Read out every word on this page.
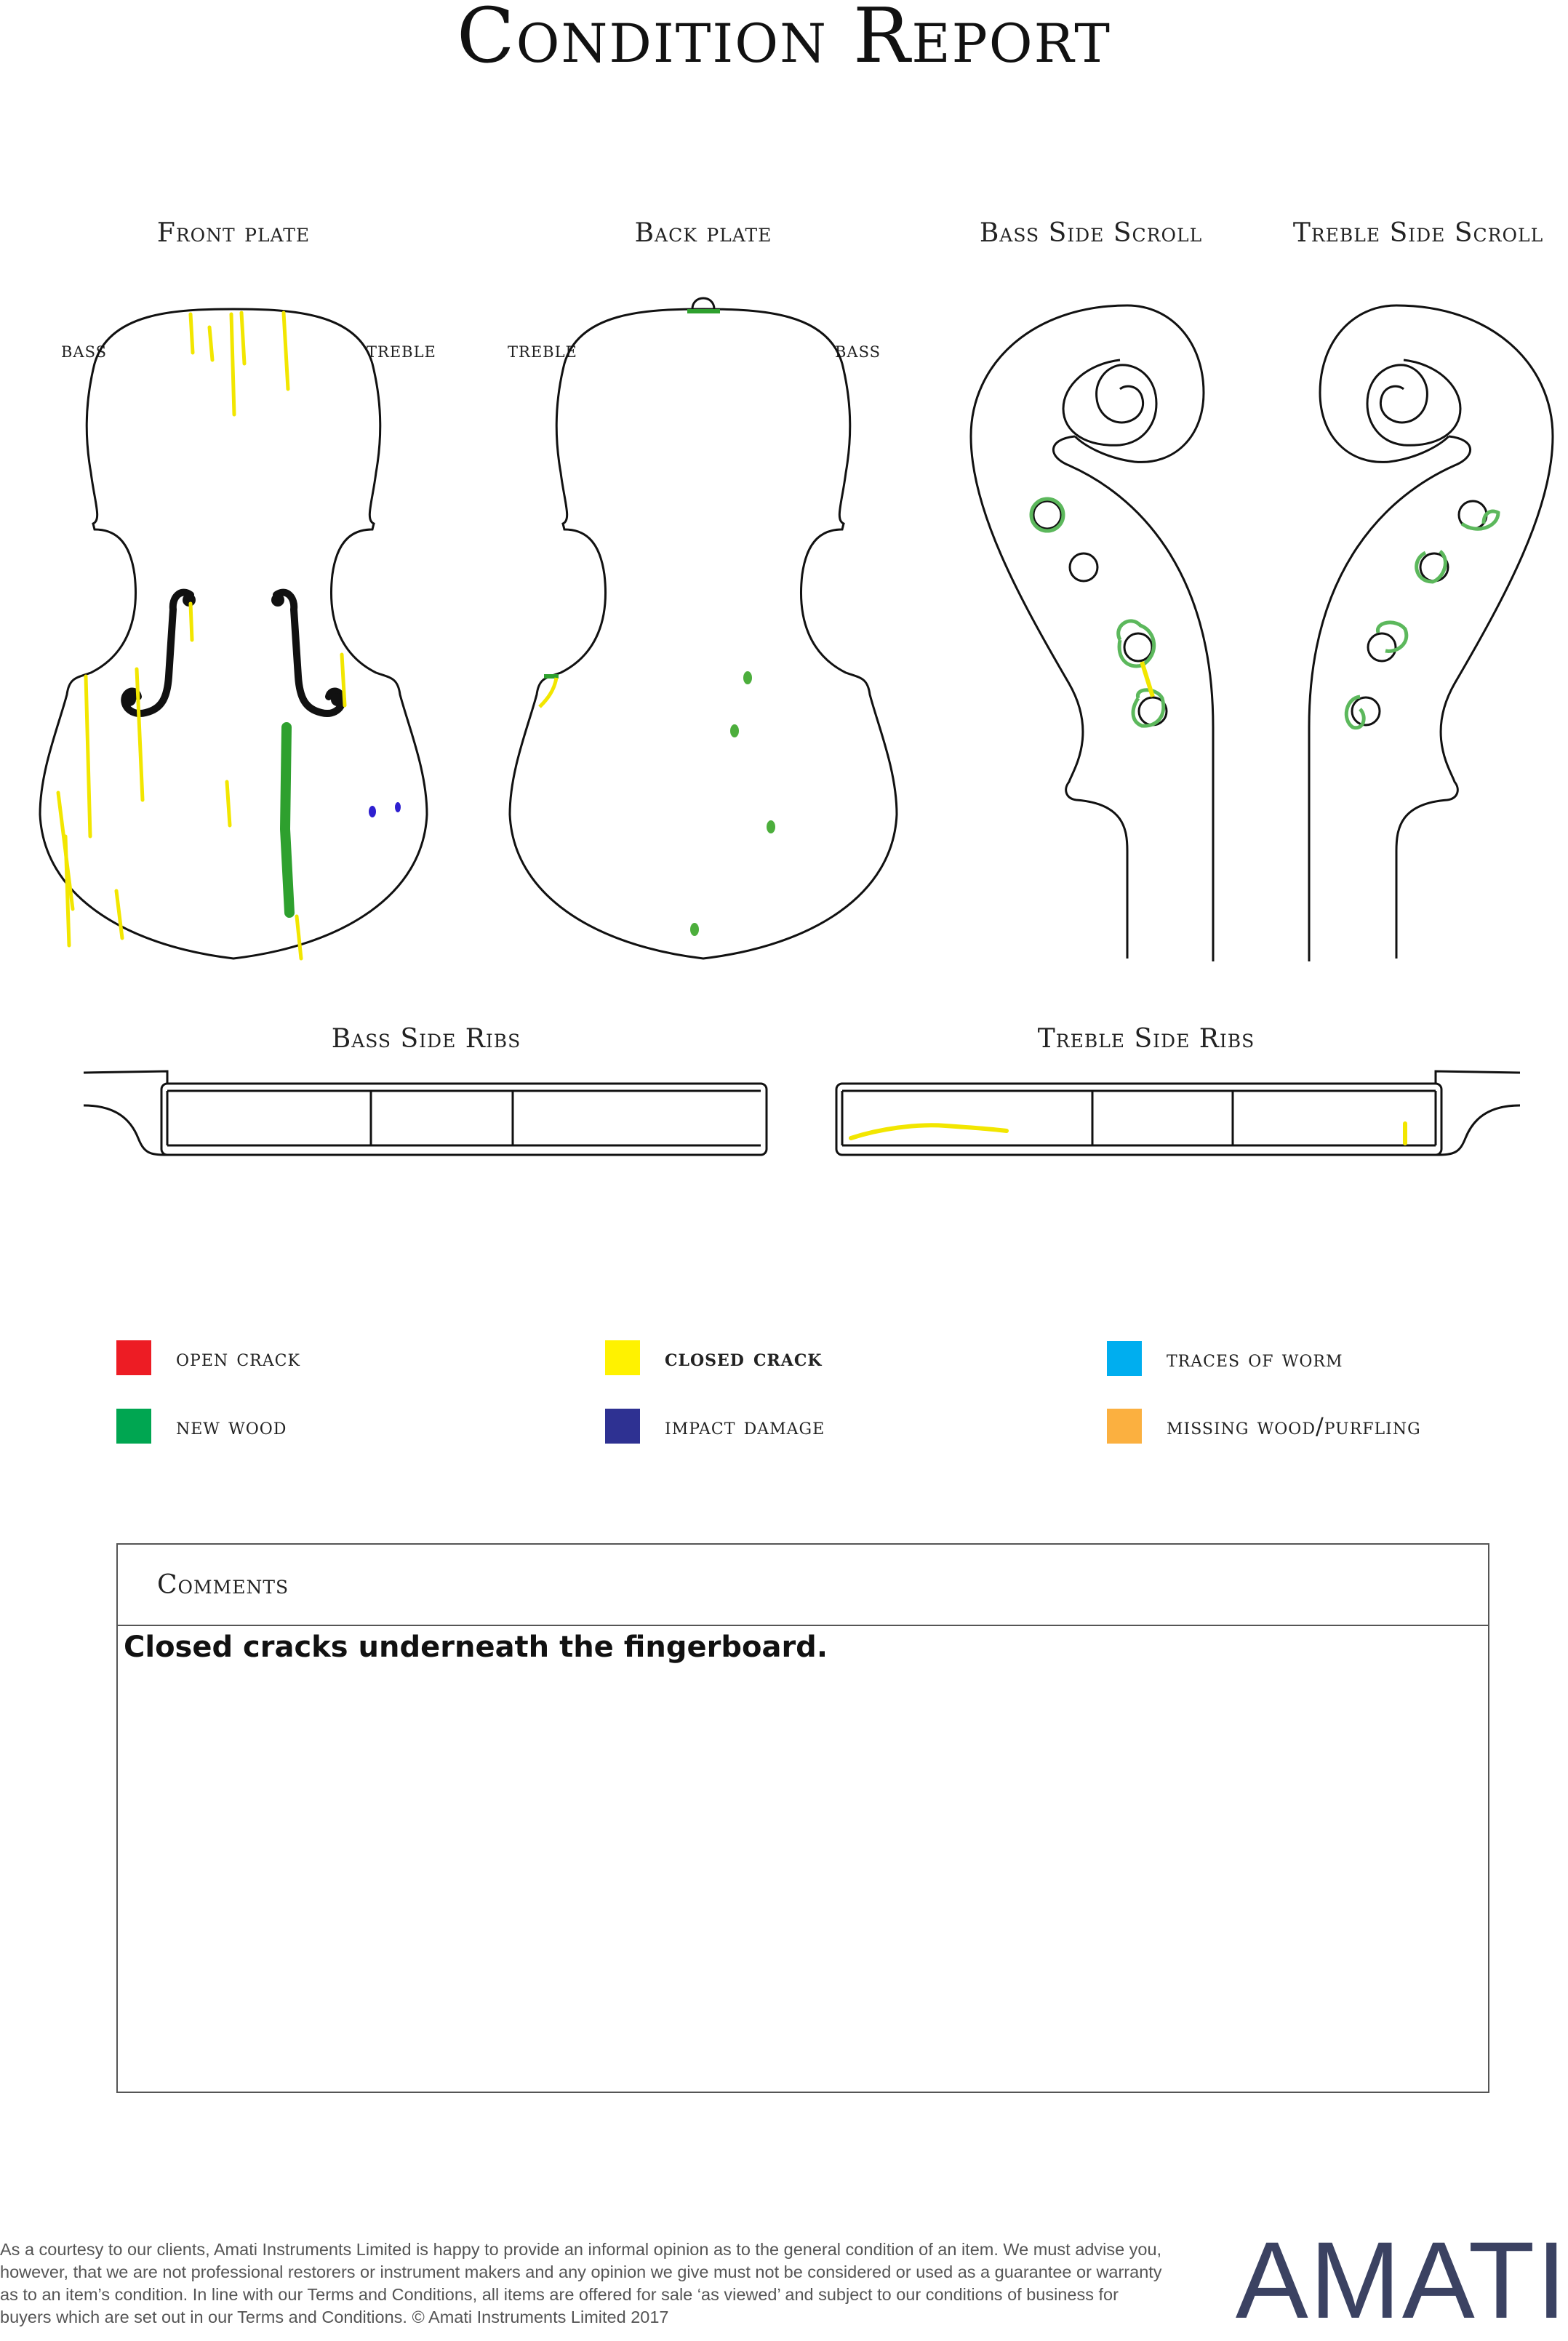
Condition Report
Front plate	Back plate	Bass Side Scroll	Treble Side Scroll
Bass Side Ribs	Treble Side Ribs
BASS	TREBLE	TREBLE	BASS
open crack	closed crack	traces of worm
new wood	impact damage	missing wood/purfling
Comments
Closed cracks underneath the fingerboard.
As a courtesy to our clients, Amati Instruments Limited is happy to provide an informal opinion as to the general condition of an item. We must advise you, however, that we are not professional restorers or instrument makers and any opinion we give must not be considered or used as a guarantee or warranty as to an item’s condition. In line with our Terms and Conditions, all items are offered for sale ‘as viewed’ and subject to our conditions of business for buyers which are set out in our Terms and Conditions. © Amati Instruments Limited 2017	AMATI
